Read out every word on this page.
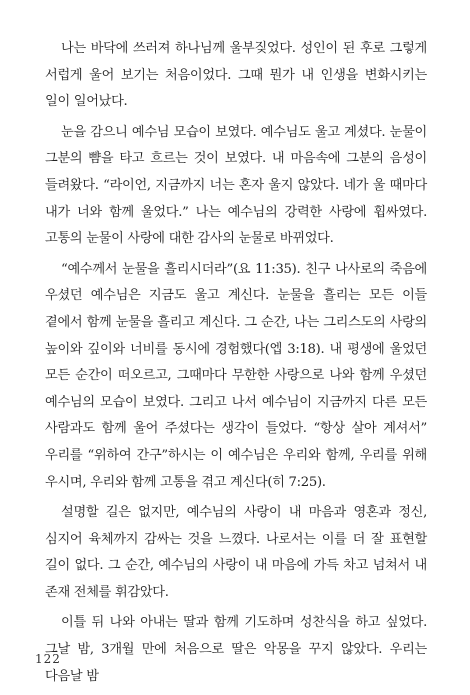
나는 바닥에 쓰러져 하나님께 울부짖었다. 성인이 된 후로 그렇게 서럽게 울어 보기는 처음이었다. 그때 뭔가 내 인생을 변화시키는 일이 일어났다.

눈을 감으니 예수님 모습이 보였다. 예수님도 울고 계셨다. 눈물이 그분의 뺨을 타고 흐르는 것이 보였다. 내 마음속에 그분의 음성이 들려왔다. “라이언, 지금까지 너는 혼자 울지 않았다. 네가 울 때마다 내가 너와 함께 울었다.” 나는 예수님의 강력한 사랑에 휩싸였다. 고통의 눈물이 사랑에 대한 감사의 눈물로 바뀌었다.

“예수께서 눈물을 흘리시더라”(요 11:35). 친구 나사로의 죽음에 우셨던 예수님은 지금도 울고 계신다. 눈물을 흘리는 모든 이들 곁에서 함께 눈물을 흘리고 계신다. 그 순간, 나는 그리스도의 사랑의 높이와 깊이와 너비를 동시에 경험했다(엡 3:18). 내 평생에 울었던 모든 순간이 떠오르고, 그때마다 무한한 사랑으로 나와 함께 우셨던 예수님의 모습이 보였다. 그리고 나서 예수님이 지금까지 다른 모든 사람과도 함께 울어 주셨다는 생각이 들었다. “항상 살아 계셔서” 우리를 “위하여 간구”하시는 이 예수님은 우리와 함께, 우리를 위해 우시며, 우리와 함께 고통을 겪고 계신다(히 7:25).

설명할 길은 없지만, 예수님의 사랑이 내 마음과 영혼과 정신, 심지어 육체까지 감싸는 것을 느꼈다. 나로서는 이를 더 잘 표현할 길이 없다. 그 순간, 예수님의 사랑이 내 마음에 가득 차고 넘쳐서 내 존재 전체를 휘감았다.

이틀 뒤 나와 아내는 딸과 함께 기도하며 성찬식을 하고 싶었다. 그날 밤, 3개월 만에 처음으로 딸은 악몽을 꾸지 않았다. 우리는 다음날 밤

122
